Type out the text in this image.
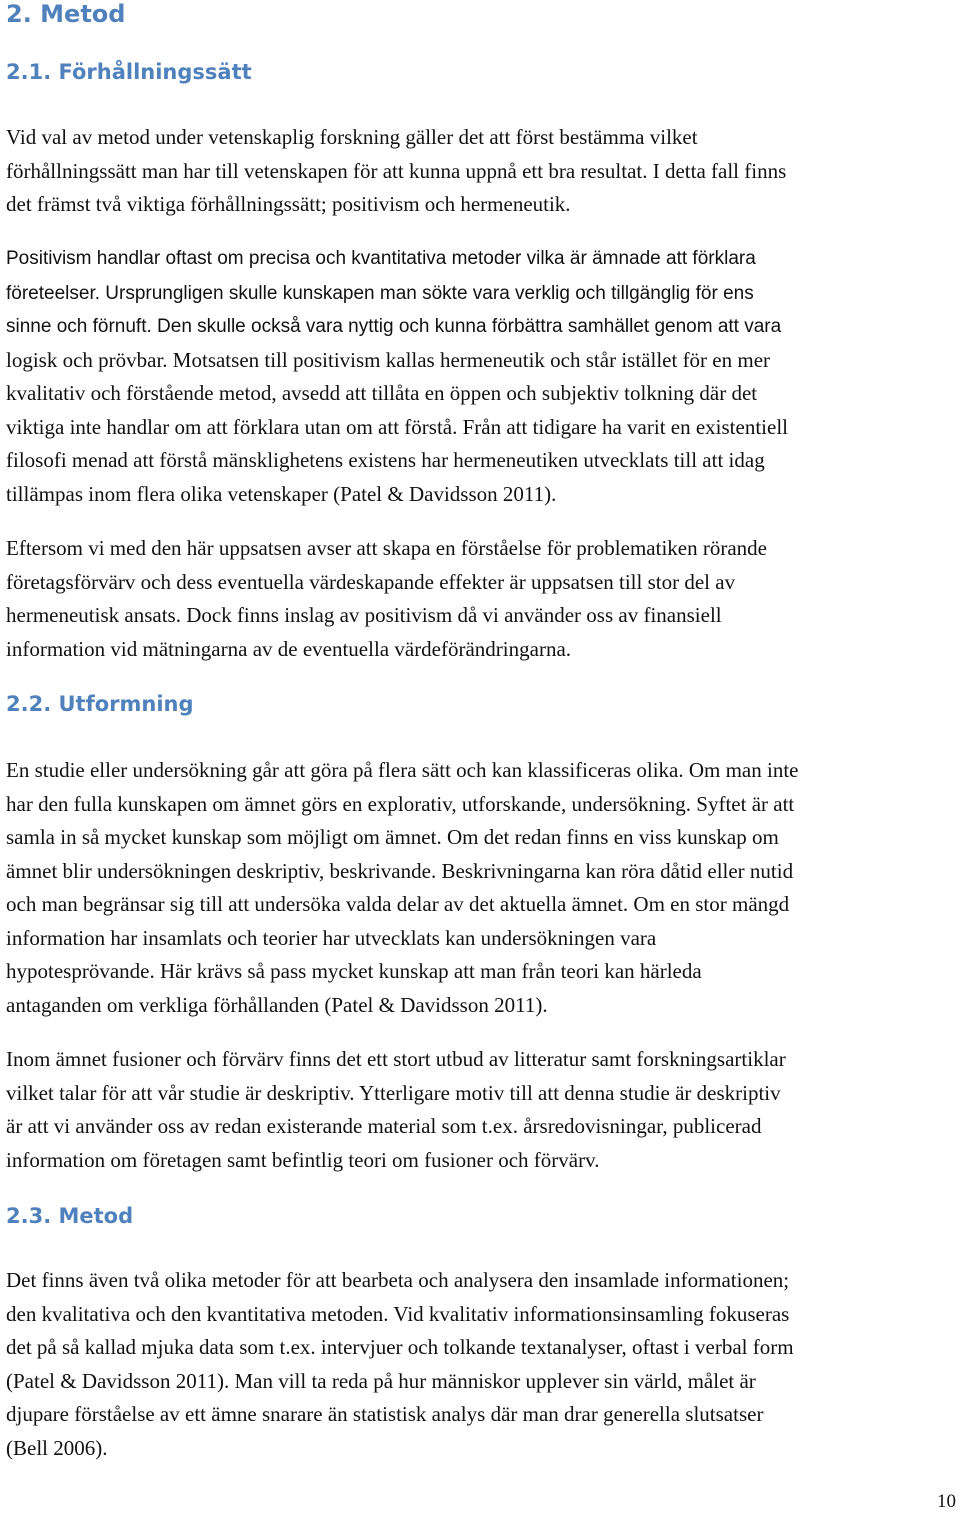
2. Metod
2.1. Förhållningssätt
Vid val av metod under vetenskaplig forskning gäller det att först bestämma vilket
förhållningssätt man har till vetenskapen för att kunna uppnå ett bra resultat. I detta fall finns
det främst två viktiga förhållningssätt; positivism och hermeneutik.
Positivism handlar oftast om precisa och kvantitativa metoder vilka är ämnade att förklara
företeelser. Ursprungligen skulle kunskapen man sökte vara verklig och tillgänglig för ens
sinne och förnuft. Den skulle också vara nyttig och kunna förbättra samhället genom att vara
logisk och prövbar. Motsatsen till positivism kallas hermeneutik och står istället för en mer
kvalitativ och förstående metod, avsedd att tillåta en öppen och subjektiv tolkning där det
viktiga inte handlar om att förklara utan om att förstå. Från att tidigare ha varit en existentiell
filosofi menad att förstå mänsklighetens existens har hermeneutiken utvecklats till att idag
tillämpas inom flera olika vetenskaper (Patel & Davidsson 2011).
Eftersom vi med den här uppsatsen avser att skapa en förståelse för problematiken rörande
företagsförvärv och dess eventuella värdeskapande effekter är uppsatsen till stor del av
hermeneutisk ansats. Dock finns inslag av positivism då vi använder oss av finansiell
information vid mätningarna av de eventuella värdeförändringarna.
2.2. Utformning
En studie eller undersökning går att göra på flera sätt och kan klassificeras olika. Om man inte
har den fulla kunskapen om ämnet görs en explorativ, utforskande, undersökning. Syftet är att
samla in så mycket kunskap som möjligt om ämnet. Om det redan finns en viss kunskap om
ämnet blir undersökningen deskriptiv, beskrivande. Beskrivningarna kan röra dåtid eller nutid
och man begränsar sig till att undersöka valda delar av det aktuella ämnet. Om en stor mängd
information har insamlats och teorier har utvecklats kan undersökningen vara
hypotesprövande. Här krävs så pass mycket kunskap att man från teori kan härleda
antaganden om verkliga förhållanden (Patel & Davidsson 2011).
Inom ämnet fusioner och förvärv finns det ett stort utbud av litteratur samt forskningsartiklar
vilket talar för att vår studie är deskriptiv. Ytterligare motiv till att denna studie är deskriptiv
är att vi använder oss av redan existerande material som t.ex. årsredovisningar, publicerad
information om företagen samt befintlig teori om fusioner och förvärv.
2.3. Metod
Det finns även två olika metoder för att bearbeta och analysera den insamlade informationen;
den kvalitativa och den kvantitativa metoden. Vid kvalitativ informationsinsamling fokuseras
det på så kallad mjuka data som t.ex. intervjuer och tolkande textanalyser, oftast i verbal form
(Patel & Davidsson 2011). Man vill ta reda på hur människor upplever sin värld, målet är
djupare förståelse av ett ämne snarare än statistisk analys där man drar generella slutsatser
(Bell 2006).
10
